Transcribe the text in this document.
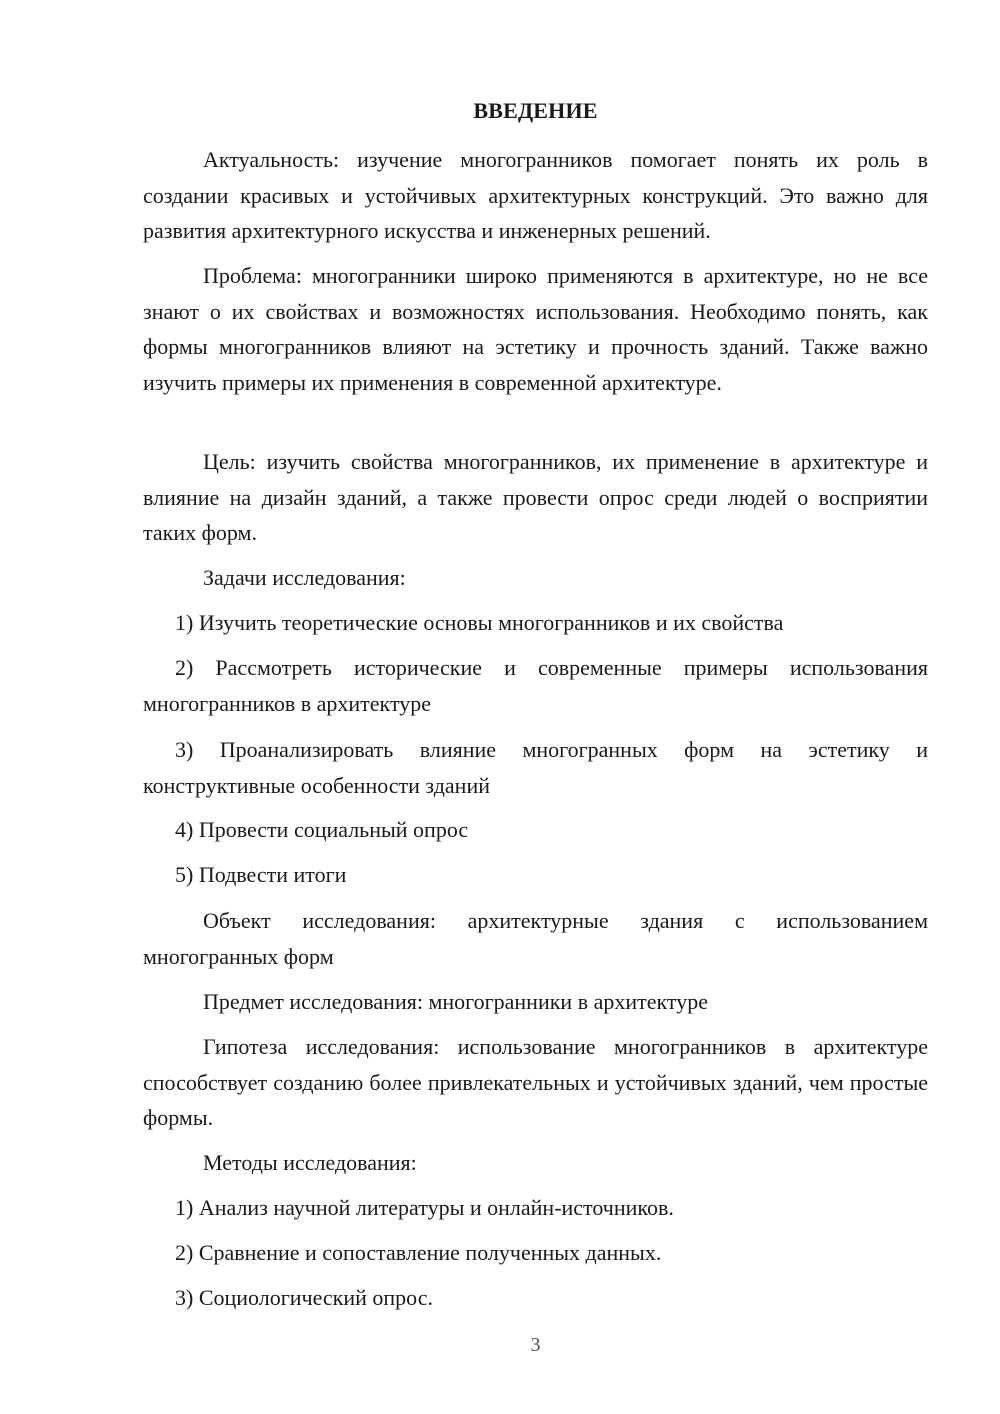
ВВЕДЕНИЕ

Актуальность: изучение многогранников помогает понять их роль в создании красивых и устойчивых архитектурных конструкций. Это важно для развития архитектурного искусства и инженерных решений.

Проблема: многогранники широко применяются в архитектуре, но не все знают о их свойствах и возможностях использования. Необходимо понять, как формы многогранников влияют на эстетику и прочность зданий. Также важно изучить примеры их применения в современной архитектуре.

Цель: изучить свойства многогранников, их применение в архитектуре и влияние на дизайн зданий, а также провести опрос среди людей о восприятии таких форм.

Задачи исследования:

1) Изучить теоретические основы многогранников и их свойства

2) Рассмотреть исторические и современные примеры использования многогранников в архитектуре

3) Проанализировать влияние многогранных форм на эстетику и конструктивные особенности зданий

4) Провести социальный опрос

5) Подвести итоги

Объект исследования: архитектурные здания с использованием многогранных форм

Предмет исследования: многогранники в архитектуре

Гипотеза исследования: использование многогранников в архитектуре способствует созданию более привлекательных и устойчивых зданий, чем простые формы.

Методы исследования:

1) Анализ научной литературы и онлайн-источников.

2) Сравнение и сопоставление полученных данных.

3) Социологический опрос.

3
